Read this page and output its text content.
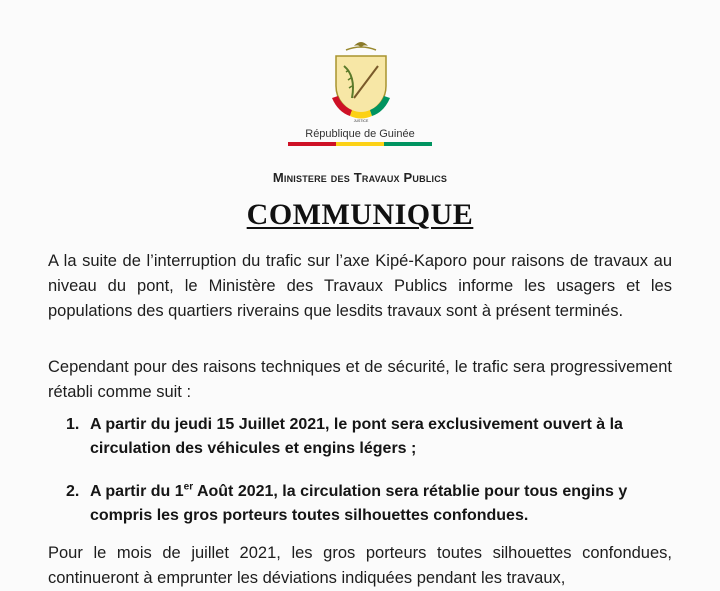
JUSTICE
République de Guinée
Ministere des Travaux Publics
COMMUNIQUE
A la suite de l’interruption du trafic sur l’axe Kipé-Kaporo pour raisons de travaux au niveau du pont, le Ministère des Travaux Publics informe les usagers et les populations des quartiers riverains que lesdits travaux sont à présent terminés.
Cependant pour des raisons techniques et de sécurité, le trafic sera progressivement rétabli comme suit :
1. A partir du jeudi 15 Juillet 2021, le pont sera exclusivement ouvert à la circulation des véhicules et engins légers ;
2. A partir du 1er Août 2021, la circulation sera rétablie pour tous engins y compris les gros porteurs toutes silhouettes confondues.
Pour le mois de juillet 2021, les gros porteurs toutes silhouettes confondues, continueront à emprunter les déviations indiquées pendant les travaux,
